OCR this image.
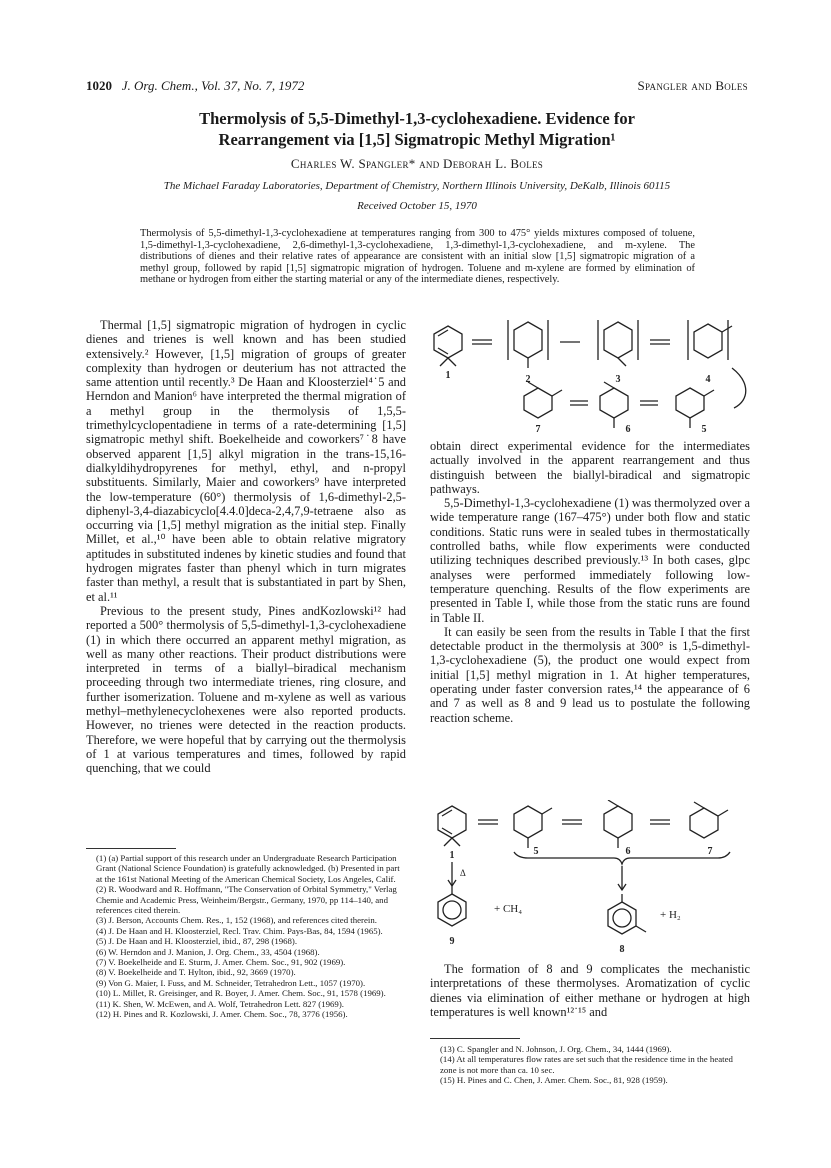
1020 J. Org. Chem., Vol. 37, No. 7, 1972	Spangler and Boles
Thermolysis of 5,5-Dimethyl-1,3-cyclohexadiene. Evidence for
Rearrangement via [1,5] Sigmatropic Methyl Migration¹
Charles W. Spangler* and Deborah L. Boles
The Michael Faraday Laboratories, Department of Chemistry, Northern Illinois University, DeKalb, Illinois 60115
Received October 15, 1970
Thermolysis of 5,5-dimethyl-1,3-cyclohexadiene at temperatures ranging from 300 to 475° yields mixtures composed of toluene, 1,5-dimethyl-1,3-cyclohexadiene, 2,6-dimethyl-1,3-cyclohexadiene, 1,3-dimethyl-1,3-cyclohexadiene, and m-xylene. The distributions of dienes and their relative rates of appearance are consistent with an initial slow [1,5] sigmatropic migration of a methyl group, followed by rapid [1,5] sigmatropic migration of hydrogen. Toluene and m-xylene are formed by elimination of methane or hydrogen from either the starting material or any of the intermediate dienes, respectively.

Thermal [1,5] sigmatropic migration of hydrogen in cyclic dienes and trienes is well known and has been studied extensively.² However, [1,5] migration of groups of greater complexity than hydrogen or deuterium has not attracted the same attention until recently.³ De Haan and Kloosterziel⁴˙5 and Herndon and Manion⁶ have interpreted the thermal migration of a methyl group in the thermolysis of 1,5,5-trimethylcyclopentadiene in terms of a rate-determining [1,5] sigmatropic methyl shift. Boekelheide and coworkers⁷˙8 have observed apparent [1,5] alkyl migration in the trans-15,16-dialkyldihydropyrenes for methyl, ethyl, and n-propyl substituents. Similarly, Maier and coworkers⁹ have interpreted the low-temperature (60°) thermolysis of 1,6-dimethyl-2,5-diphenyl-3,4-diazabicyclo[4.4.0]deca-2,4,7,9-tetraene also as occurring via [1,5] methyl migration as the initial step. Finally Millet, et al.,¹⁰ have been able to obtain relative migratory aptitudes in substituted indenes by kinetic studies and found that hydrogen migrates faster than phenyl which in turn migrates faster than methyl, a result that is substantiated in part by Shen, et al.¹¹

Previous to the present study, Pines andKozlowski¹² had reported a 500° thermolysis of 5,5-dimethyl-1,3-cyclohexadiene (1) in which there occurred an apparent methyl migration, as well as many other reactions. Their product distributions were interpreted in terms of a biallyl–biradical mechanism proceeding through two intermediate trienes, ring closure, and further isomerization. Toluene and m-xylene as well as various methyl–methylenecyclohexenes were also reported products. However, no trienes were detected in the reaction products. Therefore, we were hopeful that by carrying out the thermolysis of 1 at various temperatures and times, followed by rapid quenching, that we could

(1) (a) Partial support of this research under an Undergraduate Research Participation Grant (National Science Foundation) is gratefully acknowledged. (b) Presented in part at the 161st National Meeting of the American Chemical Society, Los Angeles, Calif.
(2) R. Woodward and R. Hoffmann, "The Conservation of Orbital Symmetry," Verlag Chemie and Academic Press, Weinheim/Bergstr., Germany, 1970, pp 114–140, and references cited therein.
(3) J. Berson, Accounts Chem. Res., 1, 152 (1968), and references cited therein.
(4) J. De Haan and H. Kloosterziel, Recl. Trav. Chim. Pays-Bas, 84, 1594 (1965).
(5) J. De Haan and H. Kloosterziel, ibid., 87, 298 (1968).
(6) W. Herndon and J. Manion, J. Org. Chem., 33, 4504 (1968).
(7) V. Boekelheide and E. Sturm, J. Amer. Chem. Soc., 91, 902 (1969).
(8) V. Boekelheide and T. Hylton, ibid., 92, 3669 (1970).
(9) Von G. Maier, I. Fuss, and M. Schneider, Tetrahedron Lett., 1057 (1970).
(10) L. Millet, R. Greisinger, and R. Boyer, J. Amer. Chem. Soc., 91, 1578 (1969).
(11) K. Shen, W. McEwen, and A. Wolf, Tetrahedron Lett. 827 (1969).
(12) H. Pines and R. Kozlowski, J. Amer. Chem. Soc., 78, 3776 (1956).
1	2	3	4
7	6	5

obtain direct experimental evidence for the intermediates actually involved in the apparent rearrangement and thus distinguish between the biallyl-biradical and sigmatropic pathways.

5,5-Dimethyl-1,3-cyclohexadiene (1) was thermolyzed over a wide temperature range (167–475°) under both flow and static conditions. Static runs were in sealed tubes in thermostatically controlled baths, while flow experiments were conducted utilizing techniques described previously.¹³ In both cases, glpc analyses were performed immediately following low-temperature quenching. Results of the flow experiments are presented in Table I, while those from the static runs are found in Table II.

It can easily be seen from the results in Table I that the first detectable product in the thermolysis at 300° is 1,5-dimethyl-1,3-cyclohexadiene (5), the product one would expect from initial [1,5] methyl migration in 1. At higher temperatures, operating under faster conversion rates,¹⁴ the appearance of 6 and 7 as well as 8 and 9 lead us to postulate the following reaction scheme.

1	5	6	7
9
8
Δ
+ CH₄	+ H₂

The formation of 8 and 9 complicates the mechanistic interpretations of these thermolyses. Aromatization of cyclic dienes via elimination of either methane or hydrogen at high temperatures is well known¹²˙¹⁵ and

(13) C. Spangler and N. Johnson, J. Org. Chem., 34, 1444 (1969).
(14) At all temperatures flow rates are set such that the residence time in the heated zone is not more than ca. 10 sec.
(15) H. Pines and C. Chen, J. Amer. Chem. Soc., 81, 928 (1959).
